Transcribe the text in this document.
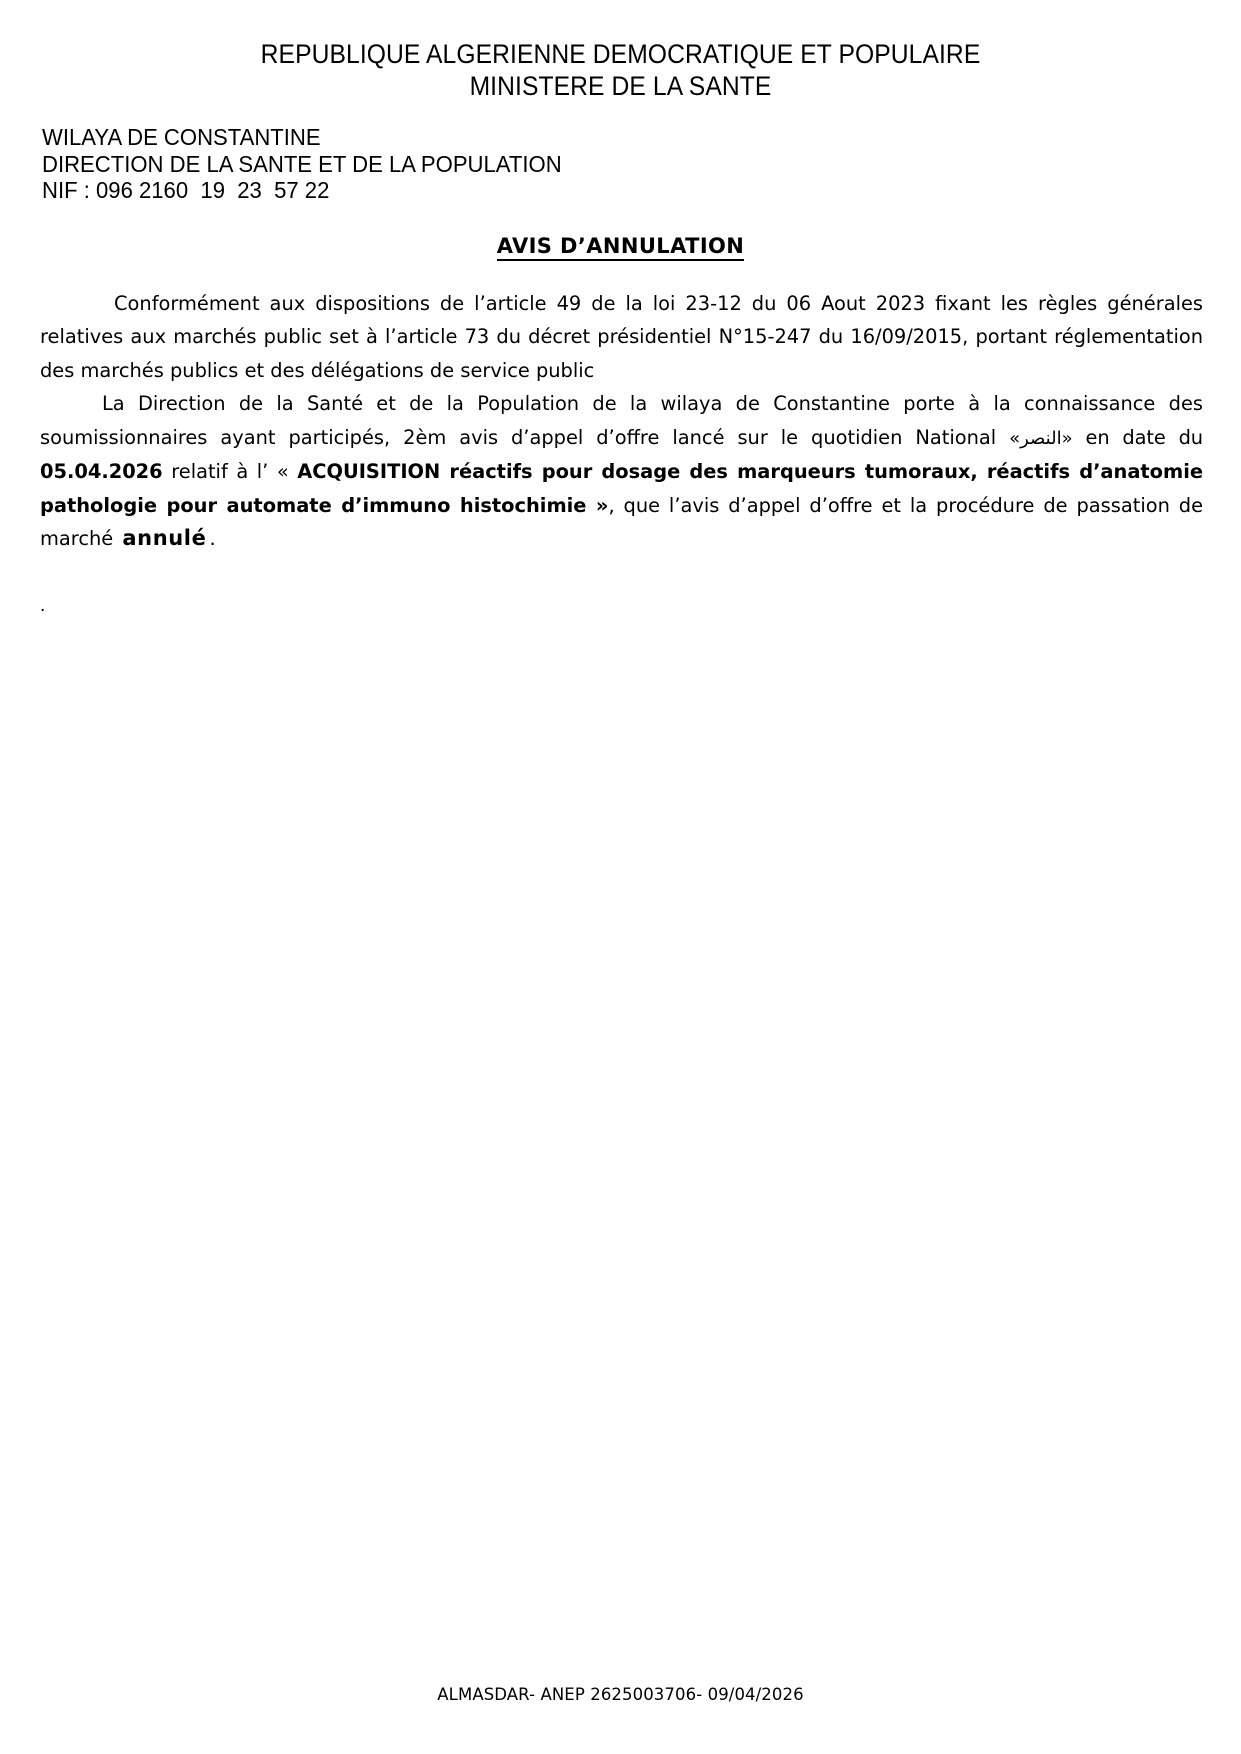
REPUBLIQUE ALGERIENNE DEMOCRATIQUE ET POPULAIRE
MINISTERE DE LA SANTE
WILAYA DE CONSTANTINE
DIRECTION DE LA SANTE ET DE LA POPULATION
NIF : 096 2160  19  23  57 22
AVIS D’ANNULATION

Conformément aux dispositions de l’article 49 de la loi 23-12 du 06 Aout 2023 fixant les règles générales relatives aux marchés public set à l’article 73 du décret présidentiel N°15-247 du 16/09/2015, portant réglementation des marchés publics et des délégations de service public

La Direction de la Santé et de la Population de la wilaya de Constantine porte à la connaissance des soumissionnaires ayant participés, 2èm avis d’appel d’offre lancé sur le quotidien National «النصر» en date du 05.04.2026 relatif à l’ « ACQUISITION réactifs pour dosage des marqueurs tumoraux, réactifs d’anatomie pathologie pour automate d’immuno histochimie », que l’avis d’appel d’offre et la procédure de passation de marché annulé .

.
ALMASDAR- ANEP 2625003706- 09/04/2026
